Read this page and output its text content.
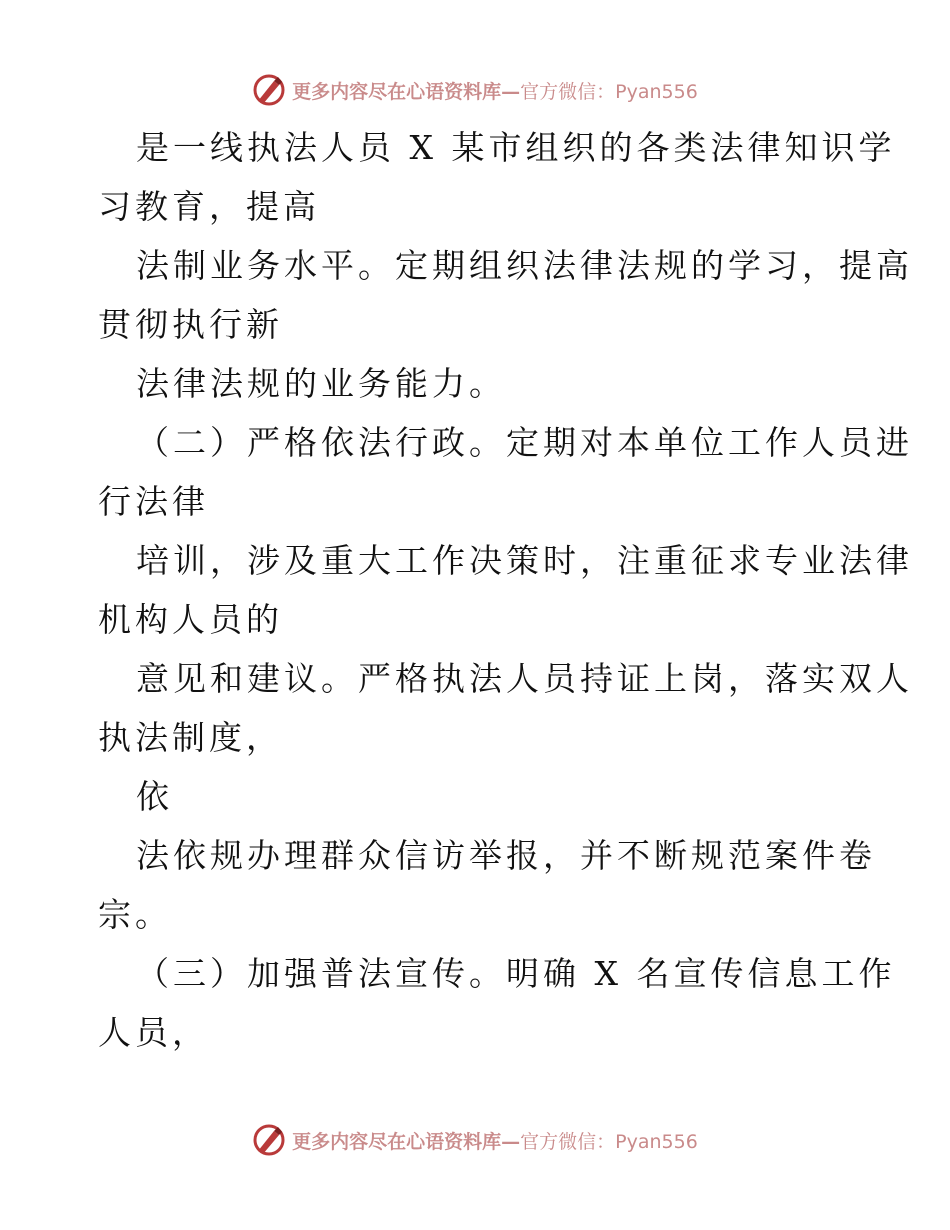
更多内容尽在心语资料库—官方微信：Pyan556
是一线执法人员 X 某市组织的各类法律知识学
习教育，提高
法制业务水平。定期组织法律法规的学习，提高
贯彻执行新
法律法规的业务能力。
（二）严格依法行政。定期对本单位工作人员进
行法律
培训，涉及重大工作决策时，注重征求专业法律
机构人员的
意见和建议。严格执法人员持证上岗，落实双人
执法制度，
依
法依规办理群众信访举报，并不断规范案件卷
宗。
（三）加强普法宣传。明确 X 名宣传信息工作
人员，
更多内容尽在心语资料库—官方微信：Pyan556
